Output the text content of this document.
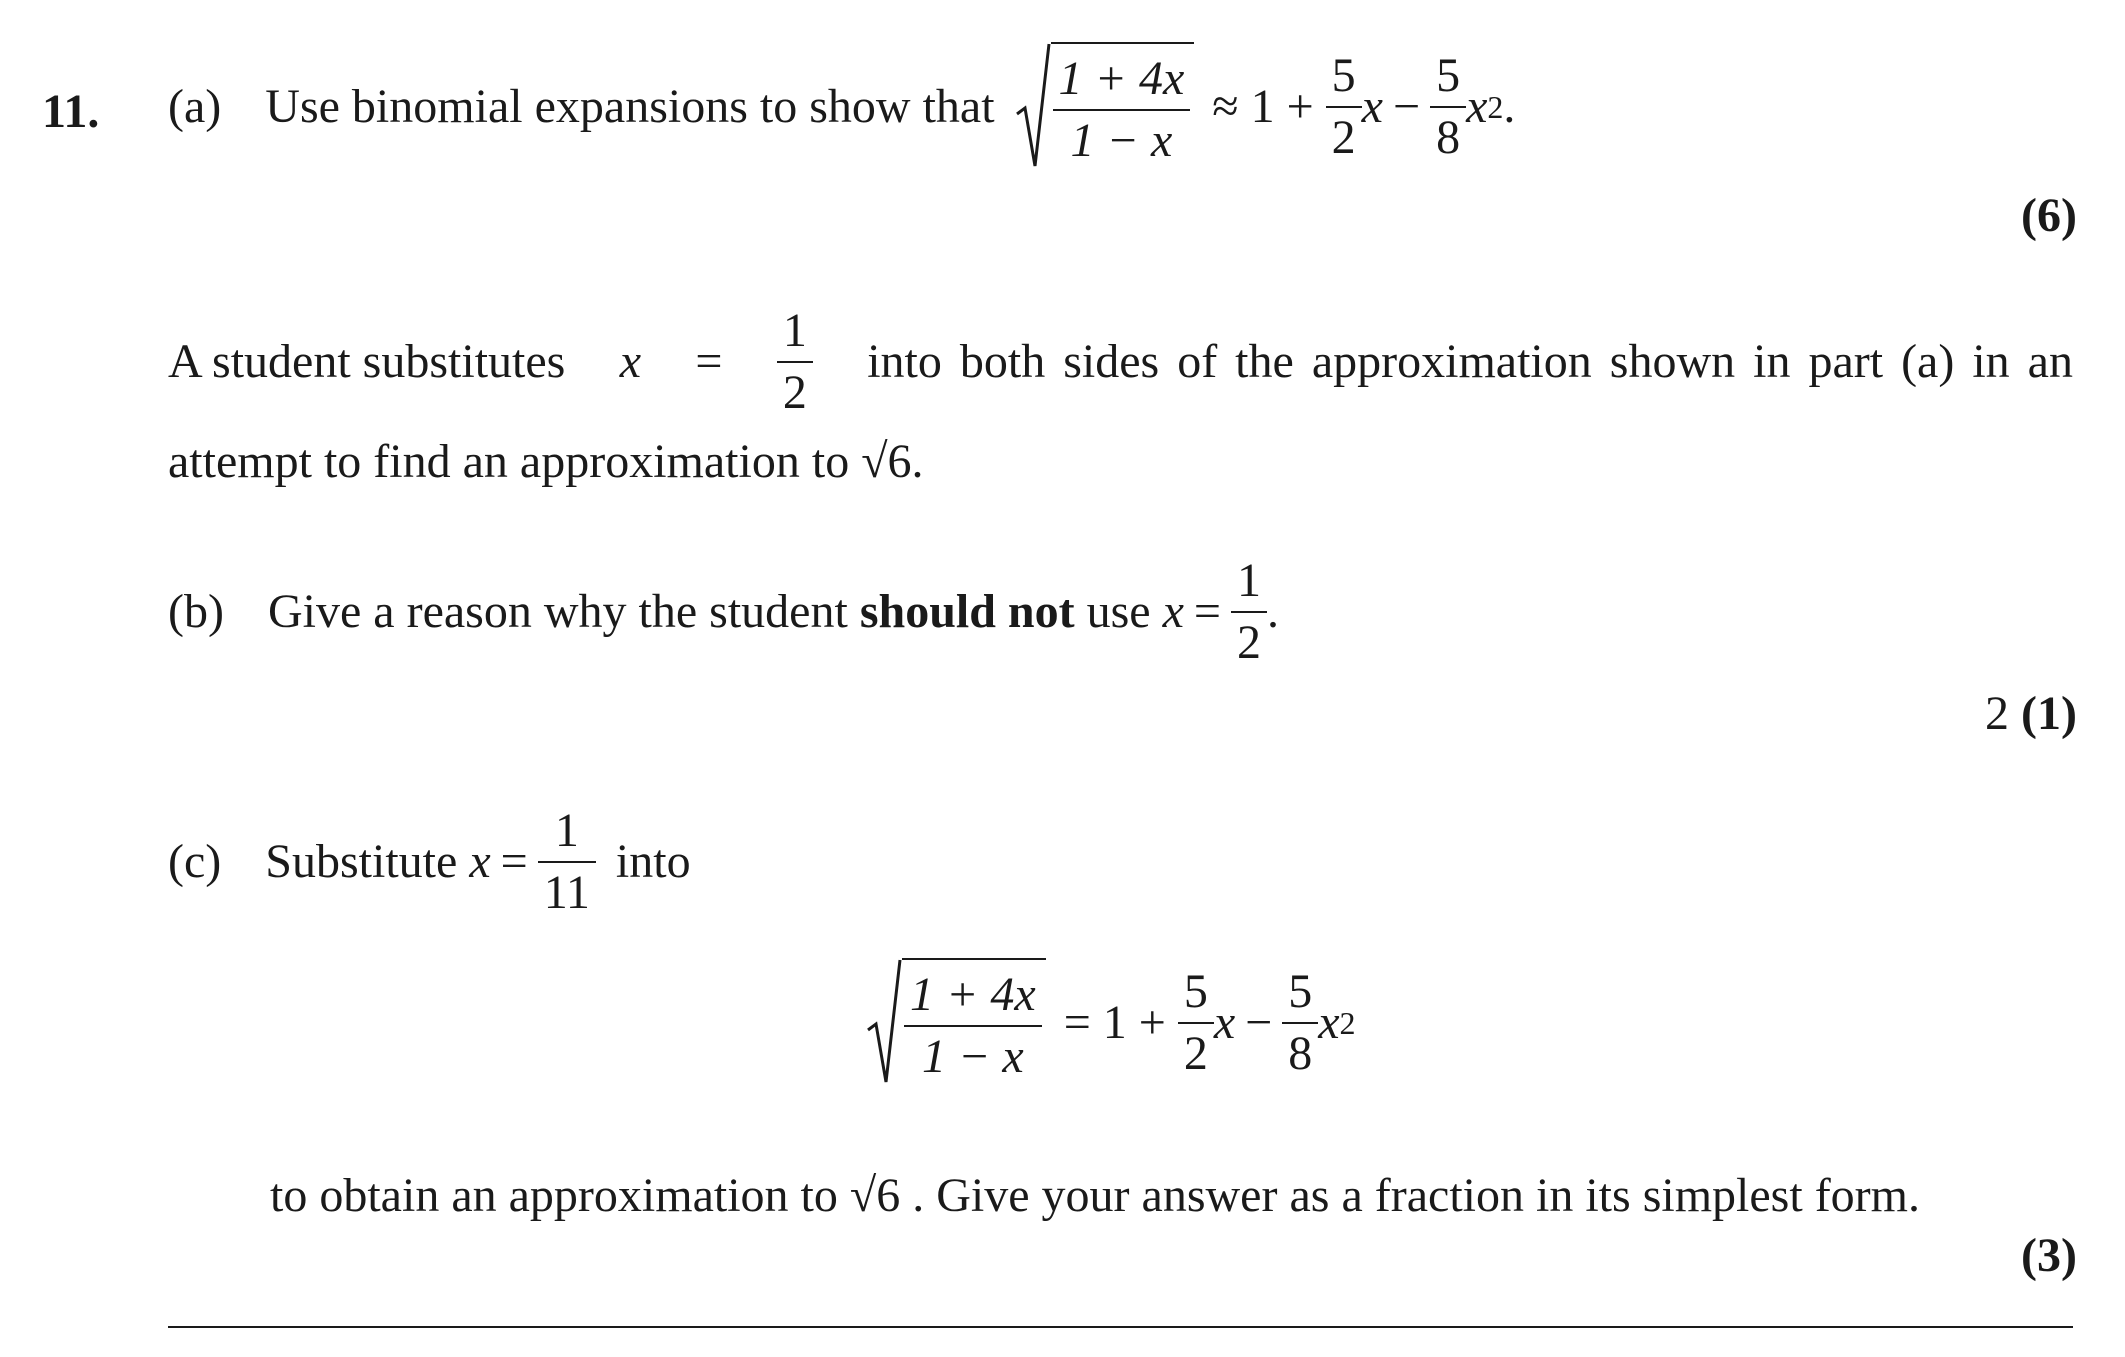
11. (a) Use binomial expansions to show that $\frac{1 + 4x}{1 - x} \approx 1 + \frac{5}{2}$ $x - \frac{5}{8}$ x 2 .
(6)
A student substitutes $x = \frac{1}{2}$ into both sides of the approximation shown in part (a) in an
attempt to find an approximation to √6.
(b) Give a reason why the student should not use $x = \frac{1}{2}$ .
2 (1)
(c) Substitute $x = \frac{1}{11}$ into
$\frac{1 + 4x}{1 - x} = 1 + \frac{5}{2}$ $x - \frac{5}{8}$ x 2
to obtain an approximation to √6 . Give your answer as a fraction in its simplest form.
(3)
